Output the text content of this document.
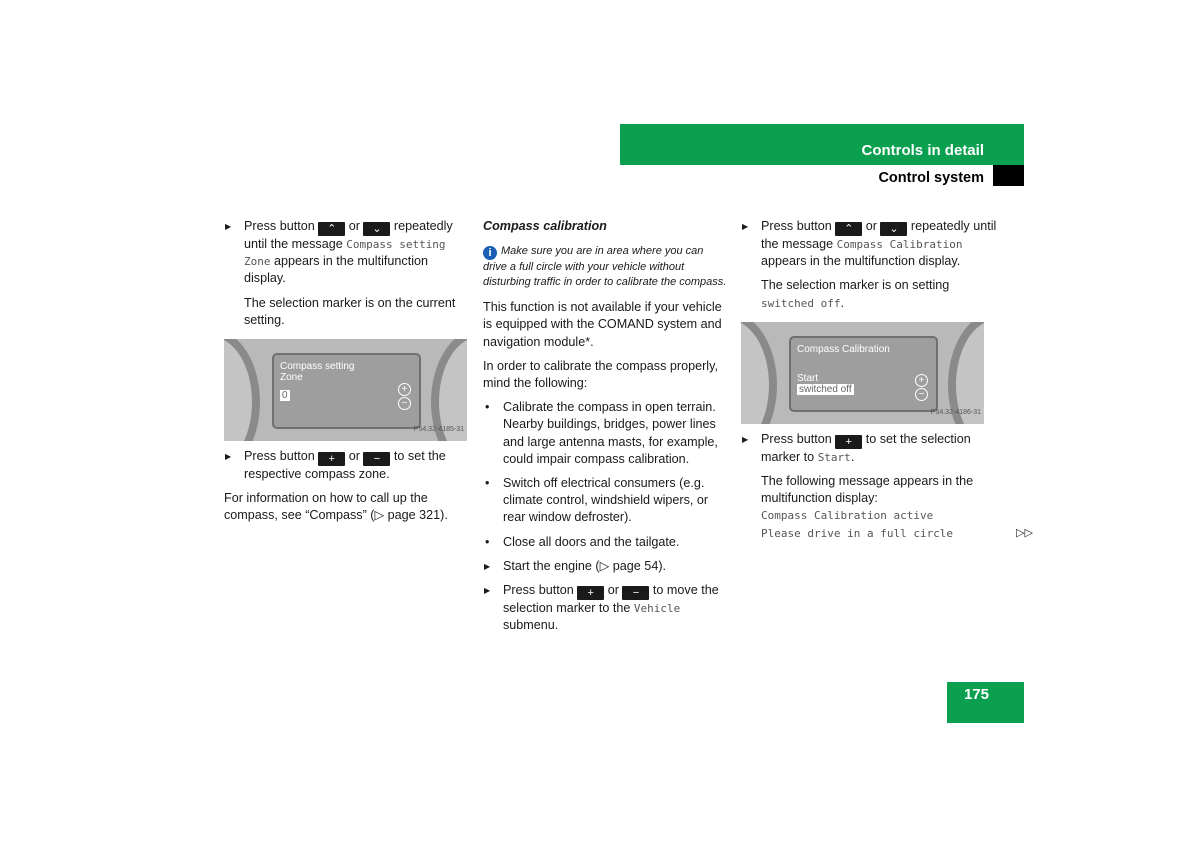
Controls in detail
Control system
175
▶ Press button ⌃ or ⌄ repeatedly until the message Compass setting Zone appears in the multifunction display.
The selection marker is on the current setting.
Compass setting
Zone
0
+
−
P54.32-4185-31
▶ Press button + or − to set the respective compass zone.
For information on how to call up the compass, see “Compass” (▷ page 321).
Compass calibration
i Make sure you are in area where you can drive a full circle with your vehicle without disturbing traffic in order to calibrate the compass.
This function is not available if your vehicle is equipped with the COMAND system and navigation module*.
In order to calibrate the compass properly, mind the following:
• Calibrate the compass in open terrain. Nearby buildings, bridges, power lines and large antenna masts, for example, could impair compass calibration.
• Switch off electrical consumers (e.g. climate control, windshield wipers, or rear window defroster).
• Close all doors and the tailgate.
▶ Start the engine (▷ page 54).
▶ Press button + or − to move the selection marker to the Vehicle submenu.
▶ Press button ⌃ or ⌄ repeatedly until the message Compass Calibration appears in the multifunction display.
The selection marker is on setting switched off.
Compass Calibration
Start
switched off
+
−
P54.32-4186-31
▶ Press button + to set the selection marker to Start.
The following message appears in the multifunction display:
Compass Calibration active
Please drive in a full circle	▷▷
